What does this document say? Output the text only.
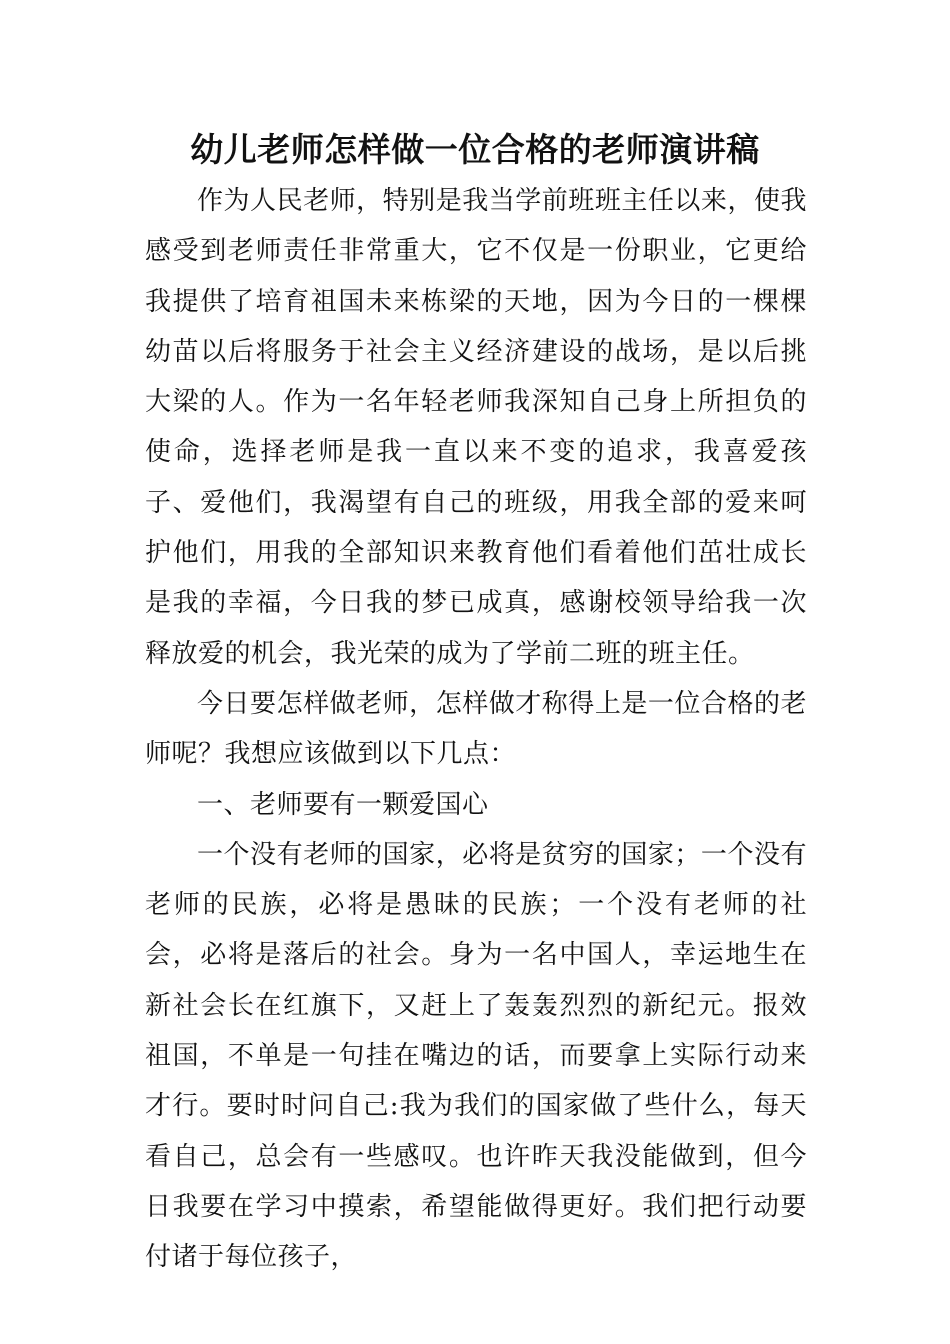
幼儿老师怎样做一位合格的老师演讲稿

作为人民老师，特别是我当学前班班主任以来，使我感受到老师责任非常重大，它不仅是一份职业，它更给我提供了培育祖国未来栋梁的天地，因为今日的一棵棵幼苗以后将服务于社会主义经济建设的战场，是以后挑大梁的人。作为一名年轻老师我深知自己身上所担负的使命，选择老师是我一直以来不变的追求，我喜爱孩子、爱他们，我渴望有自己的班级，用我全部的爱来呵护他们，用我的全部知识来教育他们看着他们茁壮成长是我的幸福，今日我的梦已成真，感谢校领导给我一次释放爱的机会，我光荣的成为了学前二班的班主任。

今日要怎样做老师，怎样做才称得上是一位合格的老师呢？我想应该做到以下几点：

一、老师要有一颗爱国心

一个没有老师的国家，必将是贫穷的国家；一个没有老师的民族，必将是愚昧的民族；一个没有老师的社会，必将是落后的社会。身为一名中国人，幸运地生在新社会长在红旗下，又赶上了轰轰烈烈的新纪元。报效祖国，不单是一句挂在嘴边的话，而要拿上实际行动来才行。要时时问自己:我为我们的国家做了些什么，每天看自己，总会有一些感叹。也许昨天我没能做到，但今日我要在学习中摸索，希望能做得更好。我们把行动要付诸于每位孩子，
